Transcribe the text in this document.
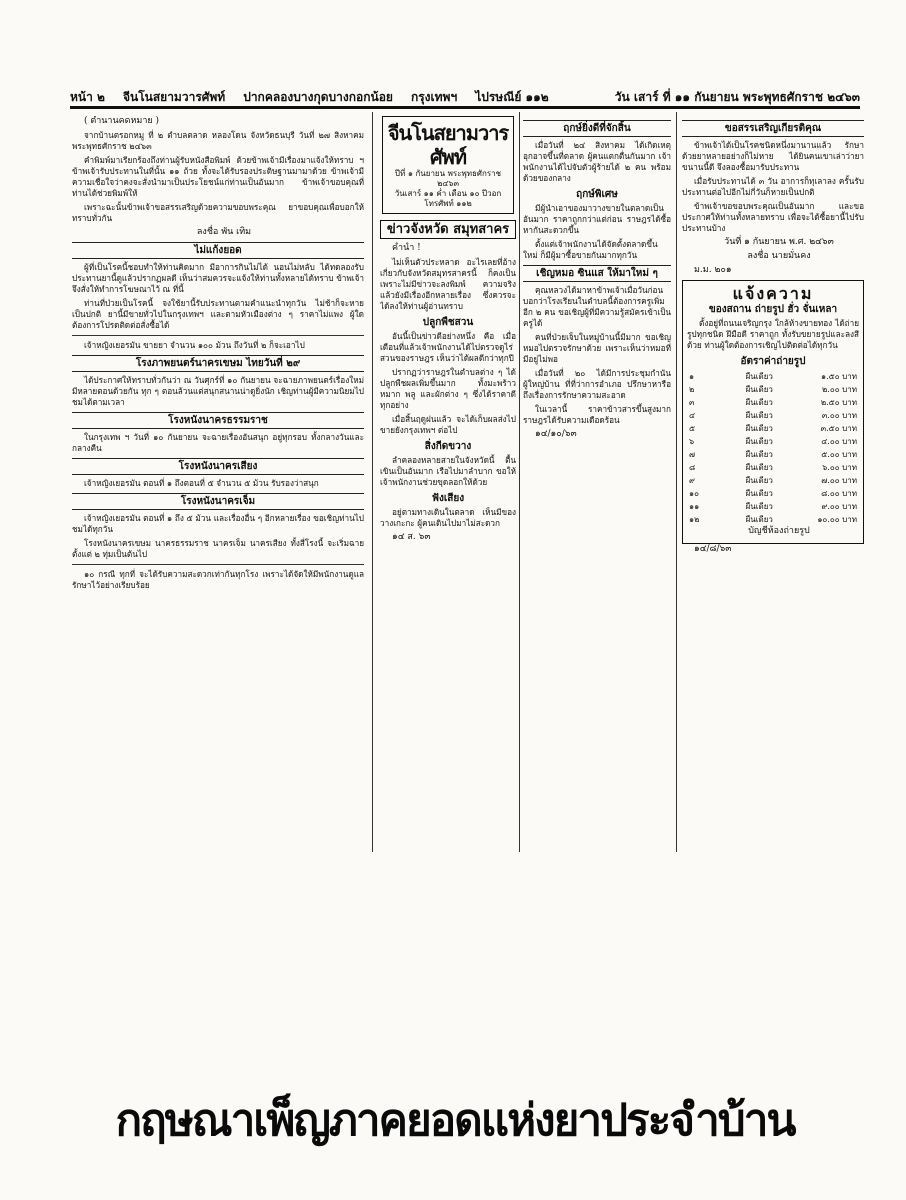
หน้า ๒ จีนโนสยามวารศัพท์ ปากคลองบางกุดบางกอกน้อย กรุงเทพฯ ไปรษณีย์ ๑๑๒	วัน เสาร์ ที่ ๑๑ กันยายน พระพุทธศักราช ๒๔๖๓

( ตำนานคดหมาย )

จากบ้านตรอกหมู ที่ ๒ ตำบลตลาด หลองโดน จังหวัดธนบุรี วันที่ ๒๗ สิงหาคม พระพุทธศักราช ๒๔๖๓

คำพิมพ์มาเรียกร้องถึงท่านผู้รับหนังสือพิมพ์ ด้วยข้าพเจ้ามีเรื่องมาแจ้งให้ทราบ ฯ ข้าพเจ้ารับประทานในที่นั้น ๑๑ ถ้วย ทั้งจะได้รับรองประดิษฐานมามาด้วย ข้าพเจ้ามีความเชื่อใจว่าคงจะสั่งนำมาเป็นประโยชน์แก่ท่านเป็นอันมาก ข้าพเจ้าขอบคุณที่ท่านได้ช่วยพิมพ์ให้

เพราะฉะนั้นข้าพเจ้าขอสรรเสริญด้วยความขอบพระคุณ ยาขอบคุณเพื่อบอกให้ทราบทั่วกัน

ลงชื่อ พัน เทิม

ไม่แก้งยอด

ผู้ที่เป็นโรคนี้ชอบทำให้ท่านคิดมาก มีอาการกินไม่ได้ นอนไม่หลับ ได้ทดลองรับประทานยานี้ดูแล้วปรากฏผลดี เห็นว่าสมควรจะแจ้งให้ท่านทั้งหลายได้ทราบ ข้าพเจ้าจึงสั่งให้ทำการโฆษณาไว้ ณ ที่นี้

ท่านที่ป่วยเป็นโรคนี้ จงใช้ยานี้รับประทานตามคำแนะนำทุกวัน ไม่ช้าก็จะหายเป็นปกติ ยานี้มีขายทั่วไปในกรุงเทพฯ และตามหัวเมืองต่าง ๆ ราคาไม่แพง ผู้ใดต้องการโปรดติดต่อสั่งซื้อได้

เจ้าหญิงเยอรมัน ขายยา จำนวน ๑๐๐ ม้วน ถึงวันที่ ๒ ก็จะเอาไป

โรงภาพยนตร์นาครเขษม ไทยวันที่ ๒๙

ได้ประกาศให้ทราบทั่วกันว่า ณ วันศุกร์ที่ ๑๐ กันยายน จะฉายภาพยนตร์เรื่องใหม่ มีหลายตอนด้วยกัน ทุก ๆ ตอนล้วนแต่สนุกสนานน่าดูยิ่งนัก เชิญท่านผู้มีความนิยมไปชมได้ตามเวลา

โรงหนังนาครธรรมราช

ในกรุงเทพ ฯ วันที่ ๑๐ กันยายน จะฉายเรื่องอันสนุก อยู่ทุกรอบ ทั้งกลางวันและกลางคืน

โรงหนังนาครเสียง

เจ้าหญิงเยอรมัน ตอนที่ ๑ ถึงตอนที่ ๕ จำนวน ๕ ม้วน รับรองว่าสนุก

โรงหนังนาครเจ็ม

เจ้าหญิงเยอรมัน ตอนที่ ๑ ถึง ๕ ม้วน และเรื่องอื่น ๆ อีกหลายเรื่อง ขอเชิญท่านไปชมได้ทุกวัน

โรงหนังนาครเขษม นาครธรรมราช นาครเจ็ม นาครเสียง ทั้งสี่โรงนี้ จะเริ่มฉายตั้งแต่ ๒ ทุ่มเป็นต้นไป

๑๐ กรณี ทุกที่ จะได้รับความสะดวกเท่ากันทุกโรง เพราะได้จัดให้มีพนักงานดูแลรักษาไว้อย่างเรียบร้อย

จีนโนสยามวารศัพท์
ปีที่ ๑ กันยายน พระพุทธศักราช ๒๔๖๓
วันเสาร์ ๑๑ ค่ำ เดือน ๑๐ ปีวอก
โทรศัพท์ ๑๑๒
ข่าวจังหวัด สมุทสาคร

คำนำ !

ไม่เห็นตัวประหลาด อะไรเลยที่อ้าง เกี่ยวกับจังหวัดสมุทรสาครนี้ ก็คงเป็นเพราะไม่มีข่าวจะลงพิมพ์ ความจริงแล้วยังมีเรื่องอีกหลายเรื่อง ซึ่งควรจะได้ลงให้ท่านผู้อ่านทราบ

ปลูกพืชสวน

อันนี้เป็นข่าวดีอย่างหนึ่ง คือ เมื่อเดือนที่แล้วเจ้าพนักงานได้ไปตรวจดูไร่สวนของราษฎร เห็นว่าได้ผลดีกว่าทุกปี

ปรากฏว่าราษฎรในตำบลต่าง ๆ ได้ปลูกพืชผลเพิ่มขึ้นมาก ทั้งมะพร้าว หมาก พลู และผักต่าง ๆ ซึ่งได้ราคาดีทุกอย่าง

เมื่อสิ้นฤดูฝนแล้ว จะได้เก็บผลส่งไปขายยังกรุงเทพฯ ต่อไป

สิ่งกีดขวาง

ลำคลองหลายสายในจังหวัดนี้ ตื้นเขินเป็นอันมาก เรือไปมาลำบาก ขอให้เจ้าพนักงานช่วยขุดลอกให้ด้วย

ฟังเสียง

อยู่ตามทางเดินในตลาด เห็นมีของวางเกะกะ ผู้คนเดินไปมาไม่สะดวก

๑๔ ส. ๖๓

ฤกษ์ยิ่งดีที่จักสิ้น

เมื่อวันที่ ๒๔ สิงหาคม ได้เกิดเหตุอุกอาจขึ้นที่ตลาด ผู้คนแตกตื่นกันมาก เจ้าพนักงานได้ไปจับตัวผู้ร้ายได้ ๒ คน พร้อมด้วยของกลาง

ฤกษ์พิเศษ

มีผู้นำเอาของมาวางขายในตลาดเป็นอันมาก ราคาถูกกว่าแต่ก่อน ราษฎรได้ซื้อหากันสะดวกขึ้น

ตั้งแต่เจ้าพนักงานได้จัดตั้งตลาดขึ้นใหม่ ก็มีผู้มาซื้อขายกันมากทุกวัน

เชิญหมอ ซินแส ให้มาใหม่ ๆ

คุณหลวงได้มาหาข้าพเจ้าเมื่อวันก่อน บอกว่าโรงเรียนในตำบลนี้ต้องการครูเพิ่มอีก ๒ คน ขอเชิญผู้ที่มีความรู้สมัครเข้าเป็นครูได้

คนที่ป่วยเจ็บในหมู่บ้านนี้มีมาก ขอเชิญหมอไปตรวจรักษาด้วย เพราะเห็นว่าหมอที่มีอยู่ไม่พอ

เมื่อวันที่ ๒๐ ได้มีการประชุมกำนันผู้ใหญ่บ้าน ที่ที่ว่าการอำเภอ ปรึกษาหารือถึงเรื่องการรักษาความสะอาด

ในเวลานี้ ราคาข้าวสารขึ้นสูงมาก ราษฎรได้รับความเดือดร้อน

๑๔/๑๐/๖๓

ขอสรรเสริญเกียรติคุณ

ข้าพเจ้าได้เป็นโรคชนิดหนึ่งมานานแล้ว รักษาด้วยยาหลายอย่างก็ไม่หาย ได้ยินคนเขาเล่าว่ายาขนานนี้ดี จึงลองซื้อมารับประทาน

เมื่อรับประทานได้ ๓ วัน อาการก็ทุเลาลง ครั้นรับประทานต่อไปอีกไม่กี่วันก็หายเป็นปกติ

ข้าพเจ้าขอขอบพระคุณเป็นอันมาก และขอประกาศให้ท่านทั้งหลายทราบ เพื่อจะได้ซื้อยานี้ไปรับประทานบ้าง

วันที่ ๑ กันยายน พ.ศ. ๒๔๖๓

ลงชื่อ นายมั่นคง

ม.ม. ๒๐๑

แจ้งความ
ของสถาน ถ่ายรูป ฮั่ว จั่นเหลา

ตั้งอยู่ที่ถนนเจริญกรุง ใกล้ห้างขายทอง ได้ถ่ายรูปทุกชนิด ฝีมือดี ราคาถูก ทั้งรับขยายรูปและลงสีด้วย ท่านผู้ใดต้องการเชิญไปติดต่อได้ทุกวัน

อัตราค่าถ่ายรูป
๑	ผืนเดียว	๑.๕๐ บาท
๒	ผืนเดียว	๒.๐๐ บาท
๓	ผืนเดียว	๒.๕๐ บาท
๔	ผืนเดียว	๓.๐๐ บาท
๕	ผืนเดียว	๓.๕๐ บาท
๖	ผืนเดียว	๔.๐๐ บาท
๗	ผืนเดียว	๕.๐๐ บาท
๘	ผืนเดียว	๖.๐๐ บาท
๙	ผืนเดียว	๗.๐๐ บาท
๑๐	ผืนเดียว	๘.๐๐ บาท
๑๑	ผืนเดียว	๙.๐๐ บาท
๑๒	ผืนเดียว	๑๐.๐๐ บาท

บัญชีห้องถ่ายรูป

๑๔/๘/๖๓

กฤษณาเพ็ญภาคยอดแห่งยาประจำบ้าน
